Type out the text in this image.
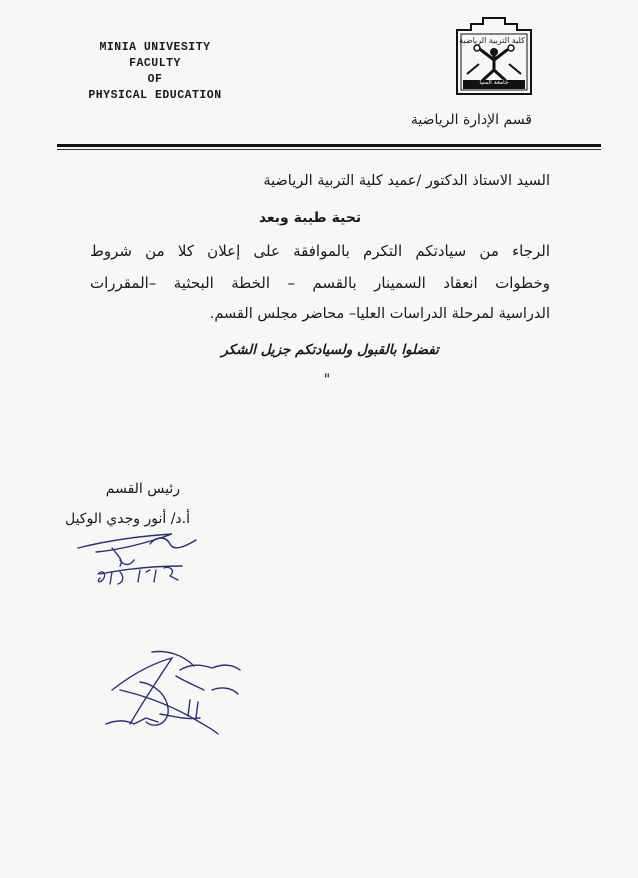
MINIA UNIVESITY
FACULTY
OF
PHYSICAL EDUCATION
كلية التربية الرياضية
جامعة المنيا
قسم الإدارة الرياضية
السيد الاستاذ الدكتور /عميد كلية التربية الرياضية
تحية طيبة وبعد
الرجاء من سيادتكم التكرم بالموافقة على إعلان كلا من شروط
وخطوات انعقاد السمينار بالقسم – الخطة البحثية –المقررات
الدراسية لمرحلة الدراسات العليا– محاضر مجلس القسم.
تفضلوا بالقبول ولسيادتكم جزيل الشكر
"
رئيس القسم
أ.د/ أنور وجدي الوكيل
